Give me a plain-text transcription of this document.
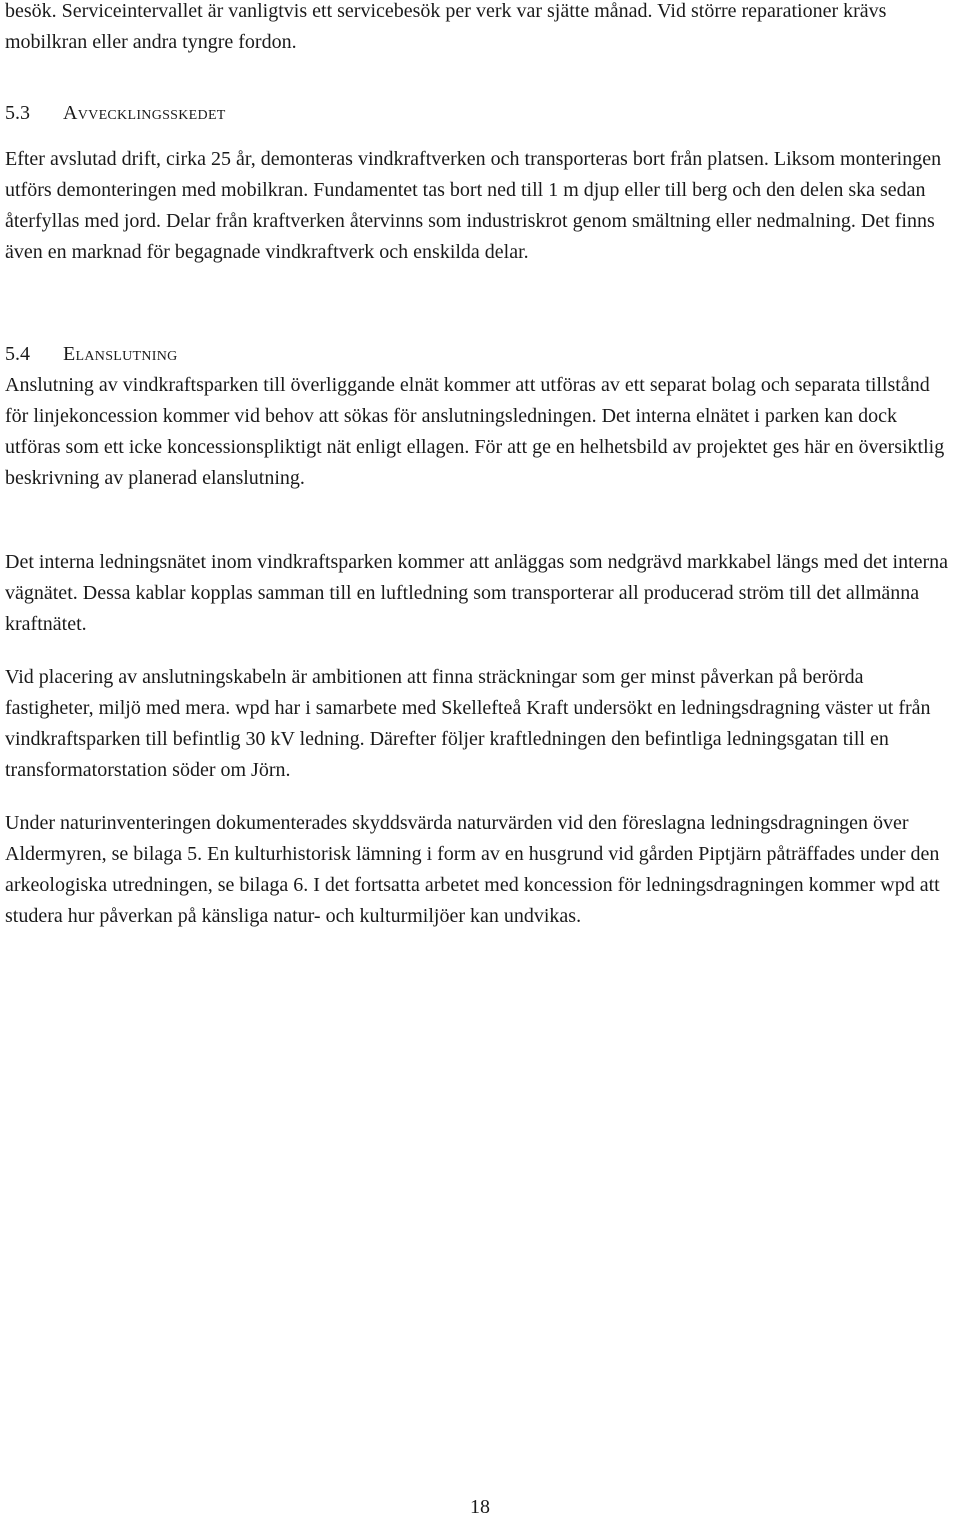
besök. Serviceintervallet är vanligtvis ett servicebesök per verk var sjätte månad. Vid större reparationer krävs mobilkran eller andra tyngre fordon.

5.3 Avvecklingsskedet

Efter avslutad drift, cirka 25 år, demonteras vindkraftverken och transporteras bort från platsen. Liksom monteringen utförs demonteringen med mobilkran. Fundamentet tas bort ned till 1 m djup eller till berg och den delen ska sedan återfyllas med jord. Delar från kraftverken återvinns som industriskrot genom smältning eller nedmalning. Det finns även en marknad för begagnade vindkraftverk och enskilda delar.

5.4 Elanslutning

Anslutning av vindkraftsparken till överliggande elnät kommer att utföras av ett separat bolag och separata tillstånd för linjekoncession kommer vid behov att sökas för anslutningsledningen. Det interna elnätet i parken kan dock utföras som ett icke koncessionspliktigt nät enligt ellagen. För att ge en helhetsbild av projektet ges här en översiktlig beskrivning av planerad elanslutning.

Det interna ledningsnätet inom vindkraftsparken kommer att anläggas som nedgrävd markkabel längs med det interna vägnätet. Dessa kablar kopplas samman till en luftledning som transporterar all producerad ström till det allmänna kraftnätet.

Vid placering av anslutningskabeln är ambitionen att finna sträckningar som ger minst påverkan på berörda fastigheter, miljö med mera. wpd har i samarbete med Skellefteå Kraft undersökt en ledningsdragning väster ut från vindkraftsparken till befintlig 30 kV ledning. Därefter följer kraftledningen den befintliga ledningsgatan till en transformatorstation söder om Jörn.

Under naturinventeringen dokumenterades skyddsvärda naturvärden vid den föreslagna ledningsdragningen över Aldermyren, se bilaga 5. En kulturhistorisk lämning i form av en husgrund vid gården Piptjärn påträffades under den arkeologiska utredningen, se bilaga 6. I det fortsatta arbetet med koncession för ledningsdragningen kommer wpd att studera hur påverkan på känsliga natur- och kulturmiljöer kan undvikas.

18
